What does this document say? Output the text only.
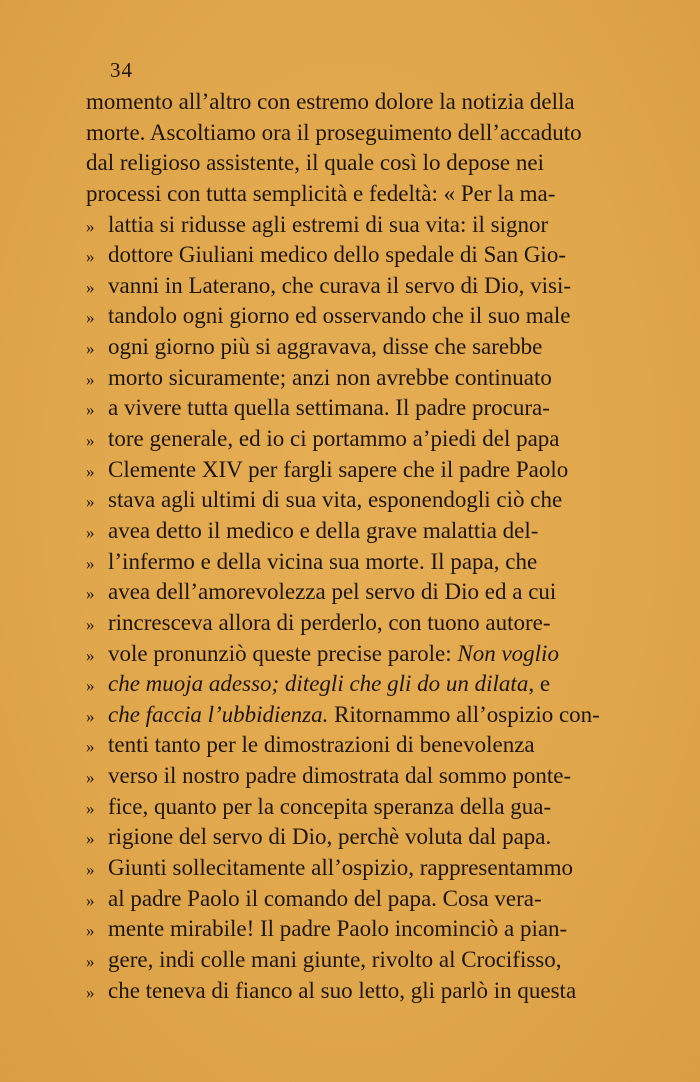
34
momento all’altro con estremo dolore la notizia della
morte. Ascoltiamo ora il proseguimento dell’accaduto
dal religioso assistente, il quale così lo depose nei
processi con tutta semplicità e fedeltà: « Per la ma-
» lattia si ridusse agli estremi di sua vita: il signor
» dottore Giuliani medico dello spedale di San Gio-
» vanni in Laterano, che curava il servo di Dio, visi-
» tandolo ogni giorno ed osservando che il suo male
» ogni giorno più si aggravava, disse che sarebbe
» morto sicuramente; anzi non avrebbe continuato
» a vivere tutta quella settimana. Il padre procura-
» tore generale, ed io ci portammo a’piedi del papa
» Clemente XIV per fargli sapere che il padre Paolo
» stava agli ultimi di sua vita, esponendogli ciò che
» avea detto il medico e della grave malattia del-
» l’infermo e della vicina sua morte. Il papa, che
» avea dell’amorevolezza pel servo di Dio ed a cui
» rincresceva allora di perderlo, con tuono autore-
» vole pronunziò queste precise parole: Non voglio
» che muoja adesso; ditegli che gli do un dilata, e
» che faccia l’ubbidienza. Ritornammo all’ospizio con-
» tenti tanto per le dimostrazioni di benevolenza
» verso il nostro padre dimostrata dal sommo ponte-
» fice, quanto per la concepita speranza della gua-
» rigione del servo di Dio, perchè voluta dal papa.
» Giunti sollecitamente all’ospizio, rappresentammo
» al padre Paolo il comando del papa. Cosa vera-
» mente mirabile! Il padre Paolo incominciò a pian-
» gere, indi colle mani giunte, rivolto al Crocifisso,
» che teneva di fianco al suo letto, gli parlò in questa
